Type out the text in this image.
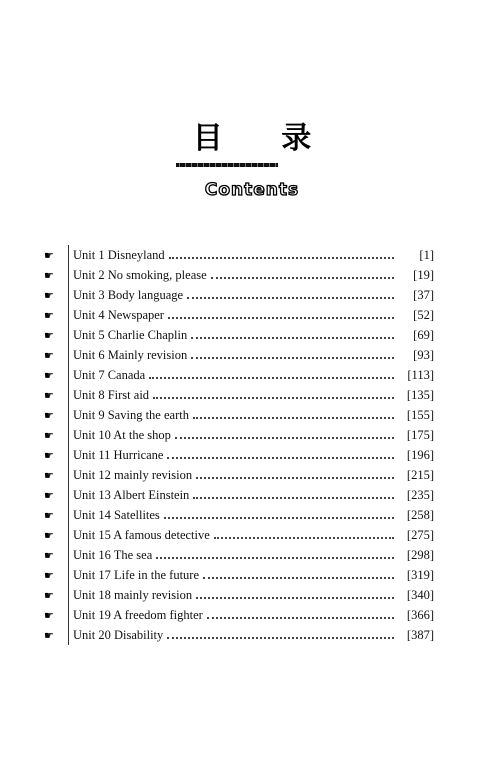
目 录
Contents
☛	Unit 1 Disneyland	[1]
☛	Unit 2 No smoking, please	[19]
☛	Unit 3 Body language	[37]
☛	Unit 4 Newspaper	[52]
☛	Unit 5 Charlie Chaplin	[69]
☛	Unit 6 Mainly revision	[93]
☛	Unit 7 Canada	[113]
☛	Unit 8 First aid	[135]
☛	Unit 9 Saving the earth	[155]
☛	Unit 10 At the shop	[175]
☛	Unit 11 Hurricane	[196]
☛	Unit 12 mainly revision	[215]
☛	Unit 13 Albert Einstein	[235]
☛	Unit 14 Satellites	[258]
☛	Unit 15 A famous detective	[275]
☛	Unit 16 The sea	[298]
☛	Unit 17 Life in the future	[319]
☛	Unit 18 mainly revision	[340]
☛	Unit 19 A freedom fighter	[366]
☛	Unit 20 Disability	[387]
